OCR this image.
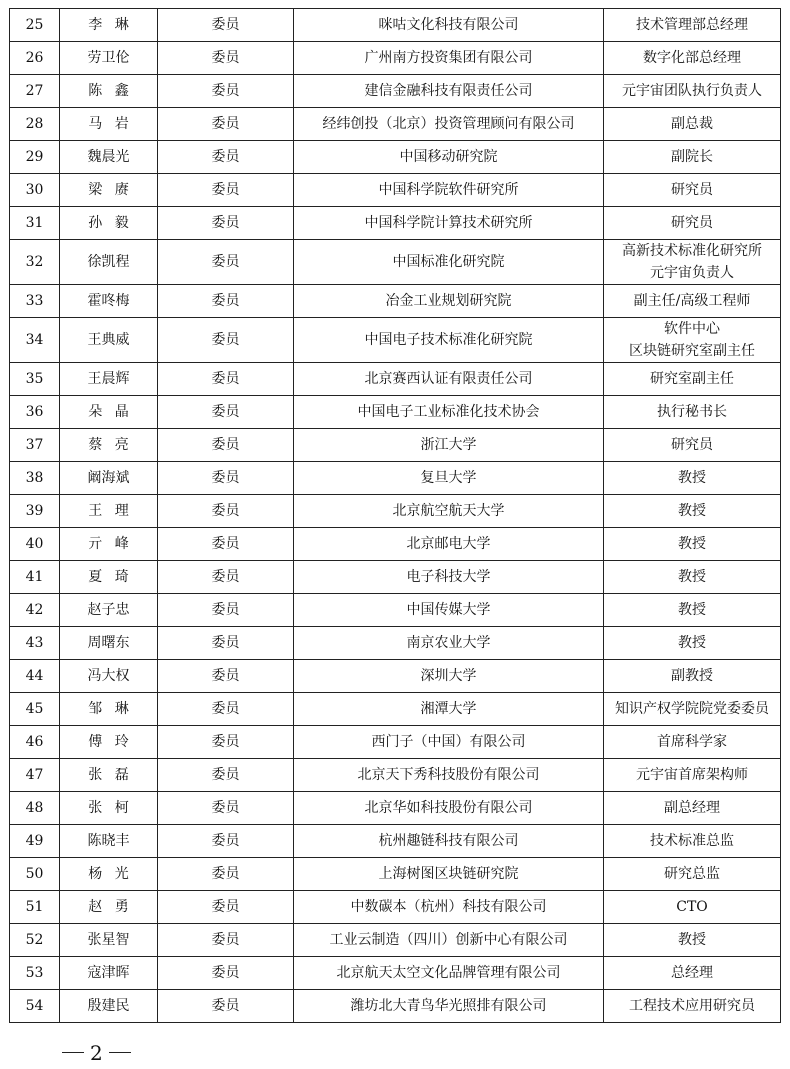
25	李琳	委员	咪咕文化科技有限公司	技术管理部总经理
26	劳卫伦	委员	广州南方投资集团有限公司	数字化部总经理
27	陈鑫	委员	建信金融科技有限责任公司	元宇宙团队执行负责人
28	马岩	委员	经纬创投（北京）投资管理顾问有限公司	副总裁
29	魏晨光	委员	中国移动研究院	副院长
30	梁赓	委员	中国科学院软件研究所	研究员
31	孙毅	委员	中国科学院计算技术研究所	研究员
32	徐凯程	委员	中国标准化研究院	高新技术标准化研究所
元宇宙负责人

33	霍咚梅	委员	冶金工业规划研究院	副主任/高级工程师
34	王典威	委员	中国电子技术标准化研究院	软件中心
区块链研究室副主任

35	王晨辉	委员	北京赛西认证有限责任公司	研究室副主任
36	朵晶	委员	中国电子工业标准化技术协会	执行秘书长
37	蔡亮	委员	浙江大学	研究员
38	阚海斌	委员	复旦大学	教授
39	王理	委员	北京航空航天大学	教授
40	亓峰	委员	北京邮电大学	教授
41	夏琦	委员	电子科技大学	教授
42	赵子忠	委员	中国传媒大学	教授
43	周曙东	委员	南京农业大学	教授
44	冯大权	委员	深圳大学	副教授
45	邹琳	委员	湘潭大学	知识产权学院院党委委员
46	傅玲	委员	西门子（中国）有限公司	首席科学家
47	张磊	委员	北京天下秀科技股份有限公司	元宇宙首席架构师
48	张柯	委员	北京华如科技股份有限公司	副总经理
49	陈晓丰	委员	杭州趣链科技有限公司	技术标准总监
50	杨光	委员	上海树图区块链研究院	研究总监
51	赵勇	委员	中数碳本（杭州）科技有限公司	CTO
52	张星智	委员	工业云制造（四川）创新中心有限公司	教授
53	寇津晖	委员	北京航天太空文化品牌管理有限公司	总经理
54	殷建民	委员	潍坊北大青鸟华光照排有限公司	工程技术应用研究员
2
